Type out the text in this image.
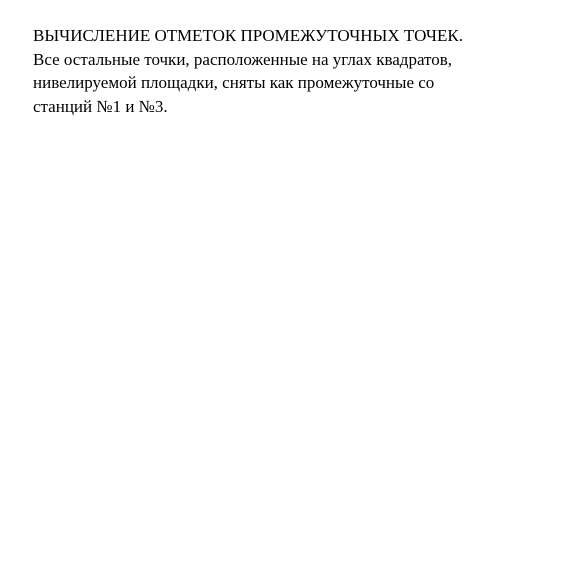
ВЫЧИСЛЕНИЕ ОТМЕТОК ПРОМЕЖУТОЧНЫХ ТОЧЕК.

Все остальные точки, расположенные на углах квадратов,

нивелируемой площадки, сняты как промежуточные со

станций №1 и №3.
